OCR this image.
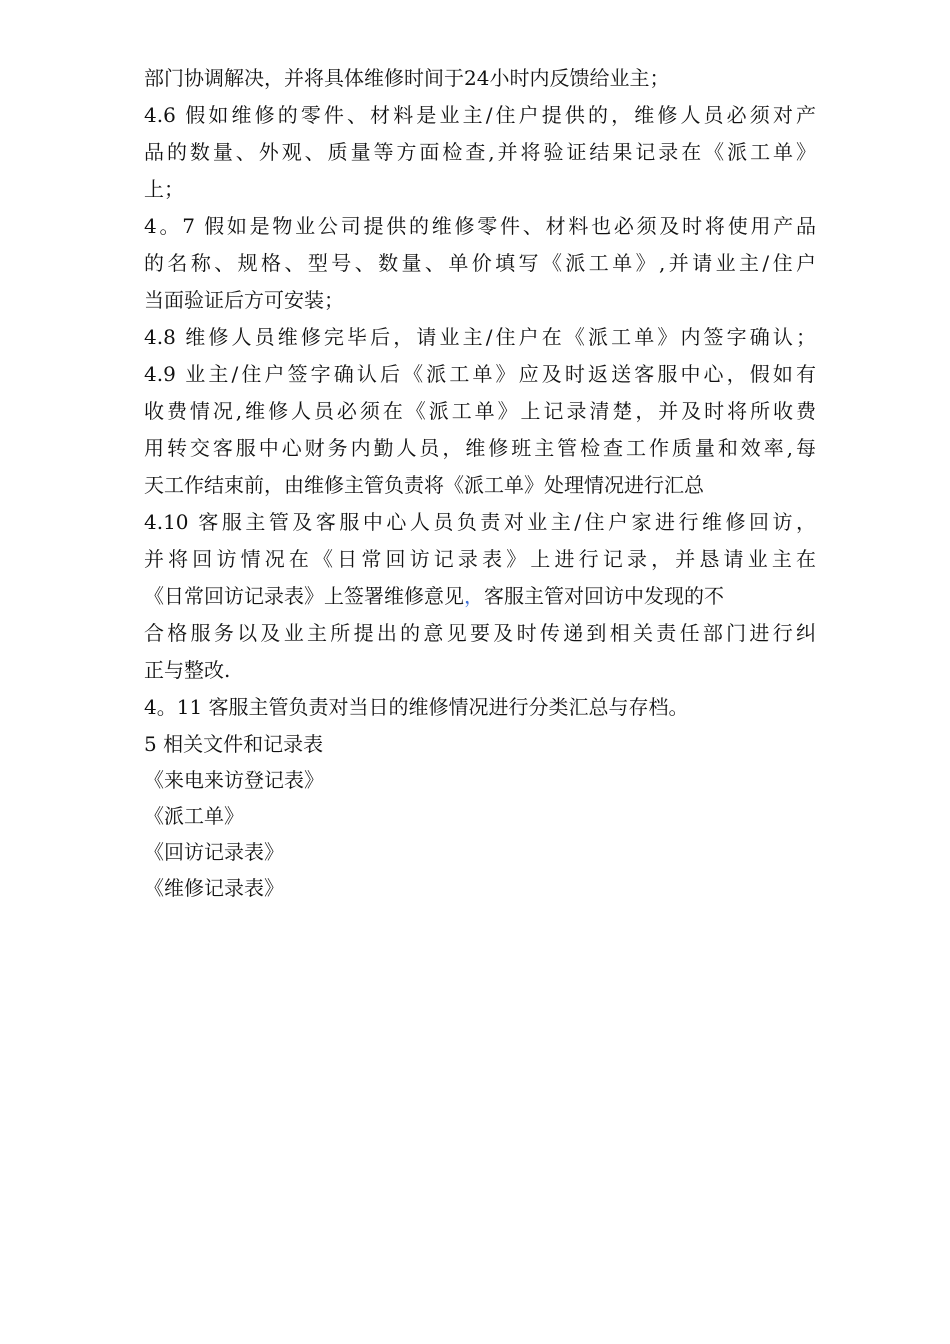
部门协调解决，并将具体维修时间于24小时内反馈给业主；
4.6 假如维修的零件、材料是业主/住户提供的，维修人员必须对产
品的数量、外观、质量等方面检查,并将验证结果记录在《派工单》
上；
4。7 假如是物业公司提供的维修零件、材料也必须及时将使用产品
的名称、规格、型号、数量、单价填写《派工单》,并请业主/住户
当面验证后方可安装；
4.8 维修人员维修完毕后，请业主/住户在《派工单》内签字确认；
4.9 业主/住户签字确认后《派工单》应及时返送客服中心，假如有
收费情况,维修人员必须在《派工单》上记录清楚，并及时将所收费
用转交客服中心财务内勤人员，维修班主管检查工作质量和效率,每
天工作结束前，由维修主管负责将《派工单》处理情况进行汇总
4.10 客服主管及客服中心人员负责对业主/住户家进行维修回访，
并将回访情况在《日常回访记录表》上进行记录，并恳请业主在
《日常回访记录表》上签署维修意见，客服主管对回访中发现的不
合格服务以及业主所提出的意见要及时传递到相关责任部门进行纠
正与整改.
4。11 客服主管负责对当日的维修情况进行分类汇总与存档。
5 相关文件和记录表
《来电来访登记表》
《派工单》
《回访记录表》
《维修记录表》
